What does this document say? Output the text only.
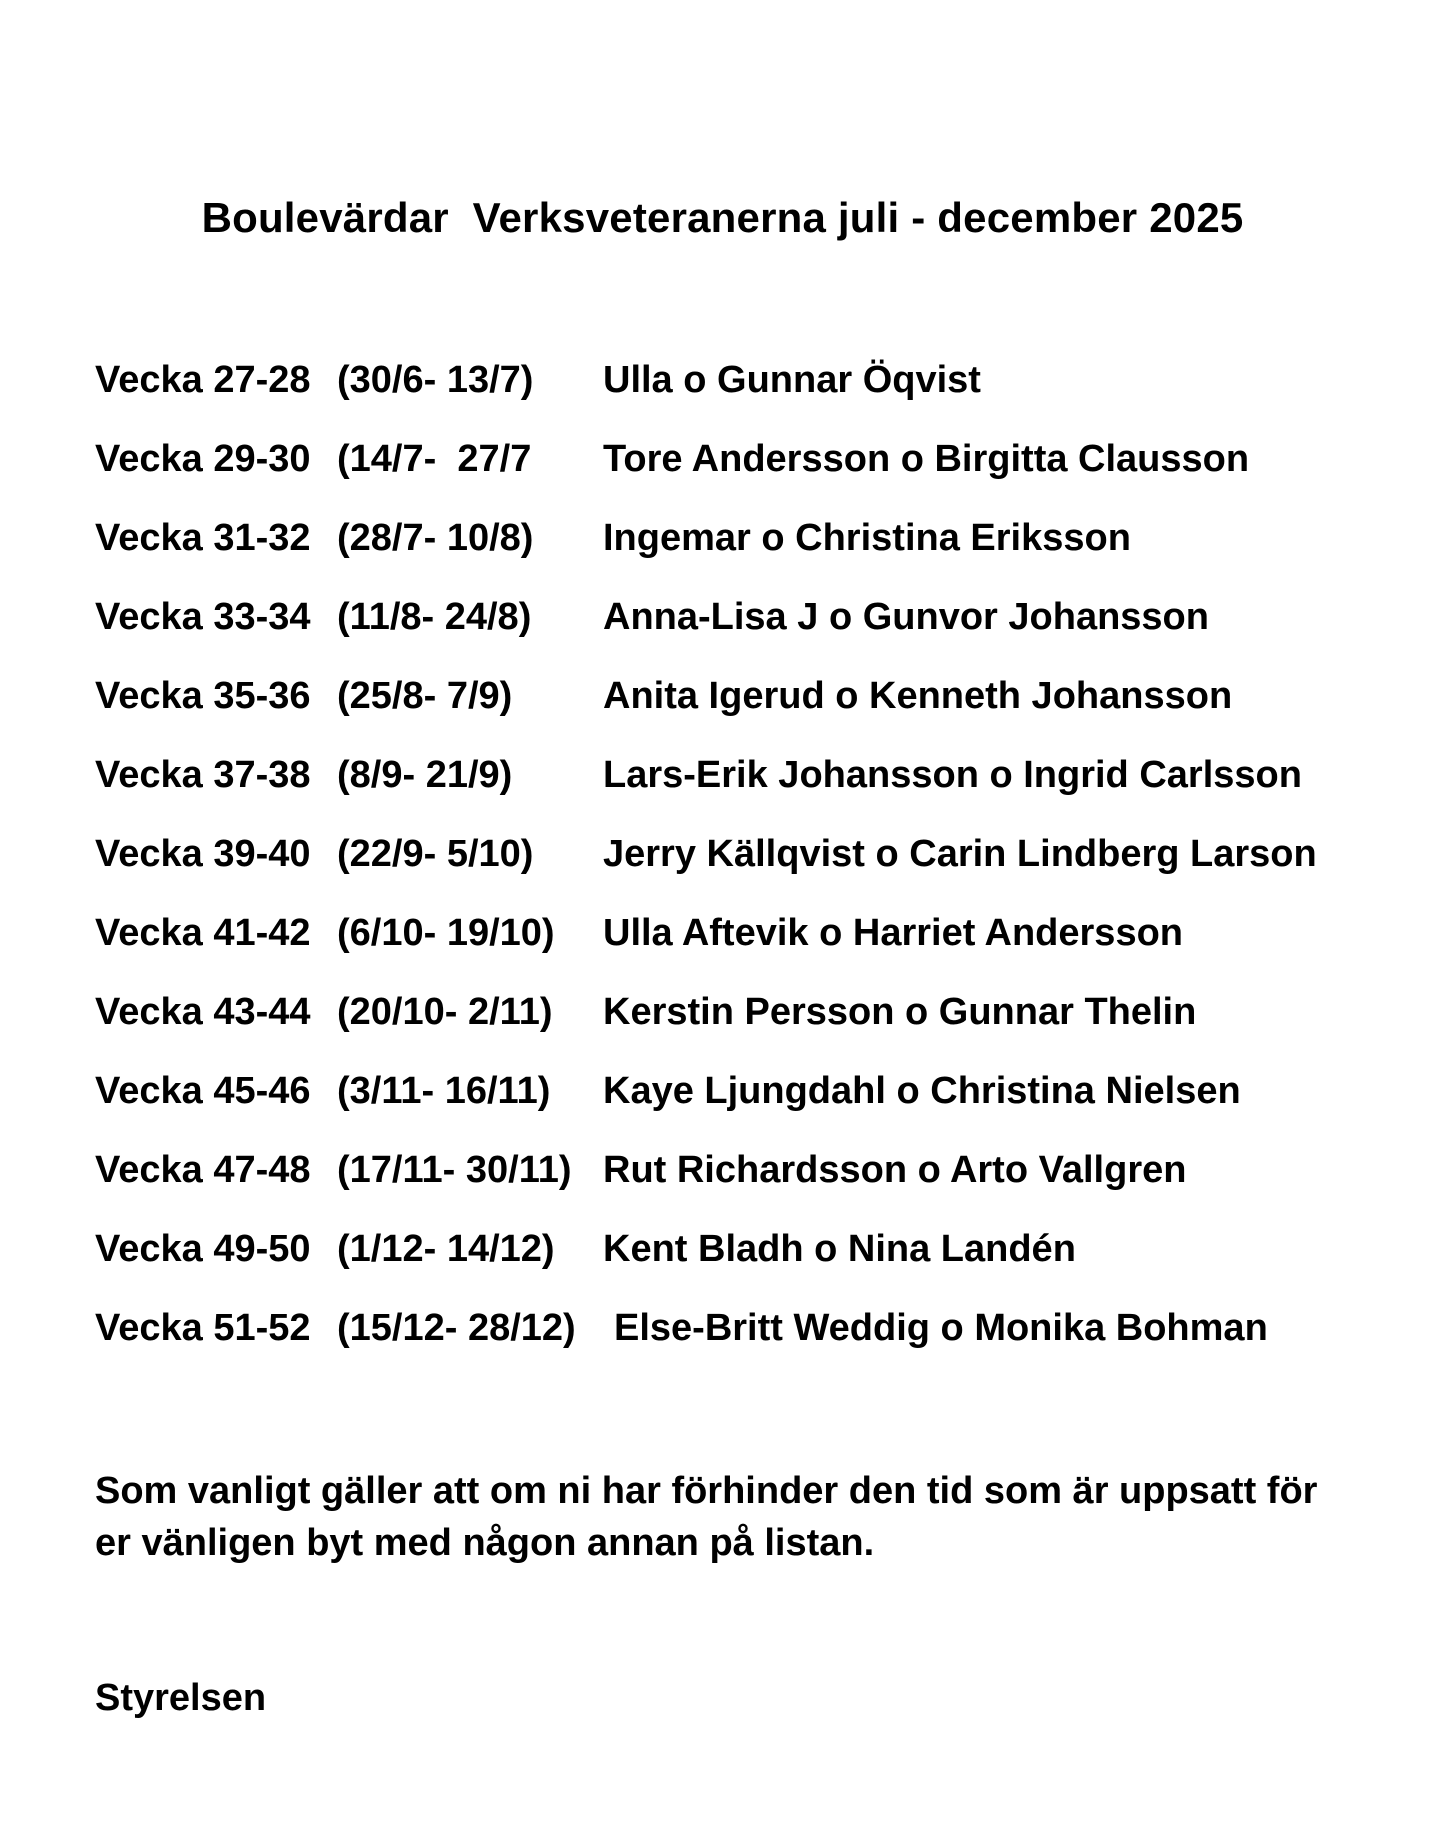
Boulevärdar  Verksveteranerna juli - december 2025
Vecka 27-28 (30/6- 13/7) Ulla o Gunnar Öqvist
Vecka 29-30 (14/7-  27/7 Tore Andersson o Birgitta Clausson
Vecka 31-32 (28/7- 10/8) Ingemar o Christina Eriksson
Vecka 33-34 (11/8- 24/8) Anna-Lisa J o Gunvor Johansson
Vecka 35-36 (25/8- 7/9) Anita Igerud o Kenneth Johansson
Vecka 37-38 (8/9- 21/9) Lars-Erik Johansson o Ingrid Carlsson
Vecka 39-40 (22/9- 5/10) Jerry Källqvist o Carin Lindberg Larson
Vecka 41-42 (6/10- 19/10) Ulla Aftevik o Harriet Andersson
Vecka 43-44 (20/10- 2/11) Kerstin Persson o Gunnar Thelin
Vecka 45-46 (3/11- 16/11) Kaye Ljungdahl o Christina Nielsen
Vecka 47-48 (17/11- 30/11) Rut Richardsson o Arto Vallgren
Vecka 49-50 (1/12- 14/12) Kent Bladh o Nina Landén
Vecka 51-52 (15/12- 28/12) Else-Britt Weddig o Monika Bohman

Som vanligt gäller att om ni har förhinder den tid som är uppsatt för
er vänligen byt med någon annan på listan.

Styrelsen
